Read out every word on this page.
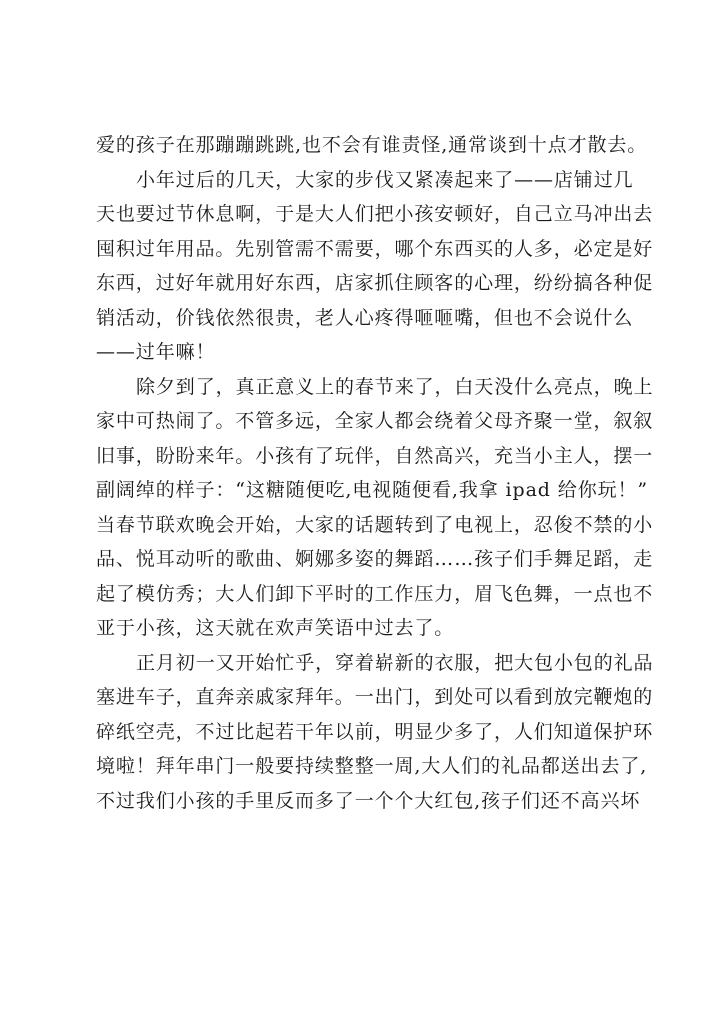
爱的孩子在那蹦蹦跳跳,也不会有谁责怪,通常谈到十点才散去。
小年过后的几天，大家的步伐又紧凑起来了——店铺过几
天也要过节休息啊，于是大人们把小孩安顿好，自己立马冲出去
囤积过年用品。先别管需不需要，哪个东西买的人多，必定是好
东西，过好年就用好东西，店家抓住顾客的心理，纷纷搞各种促
销活动，价钱依然很贵，老人心疼得咂咂嘴，但也不会说什么
——过年嘛！
除夕到了，真正意义上的春节来了，白天没什么亮点，晚上
家中可热闹了。不管多远，全家人都会绕着父母齐聚一堂，叙叙
旧事，盼盼来年。小孩有了玩伴，自然高兴，充当小主人，摆一
副阔绰的样子：“这糖随便吃,电视随便看,我拿 ipad 给你玩！”
当春节联欢晚会开始，大家的话题转到了电视上，忍俊不禁的小
品、悦耳动听的歌曲、婀娜多姿的舞蹈……孩子们手舞足蹈，走
起了模仿秀；大人们卸下平时的工作压力，眉飞色舞，一点也不
亚于小孩，这天就在欢声笑语中过去了。
正月初一又开始忙乎，穿着崭新的衣服，把大包小包的礼品
塞进车子，直奔亲戚家拜年。一出门，到处可以看到放完鞭炮的
碎纸空壳，不过比起若干年以前，明显少多了，人们知道保护环
境啦！拜年串门一般要持续整整一周,大人们的礼品都送出去了,
不过我们小孩的手里反而多了一个个大红包,孩子们还不高兴坏
